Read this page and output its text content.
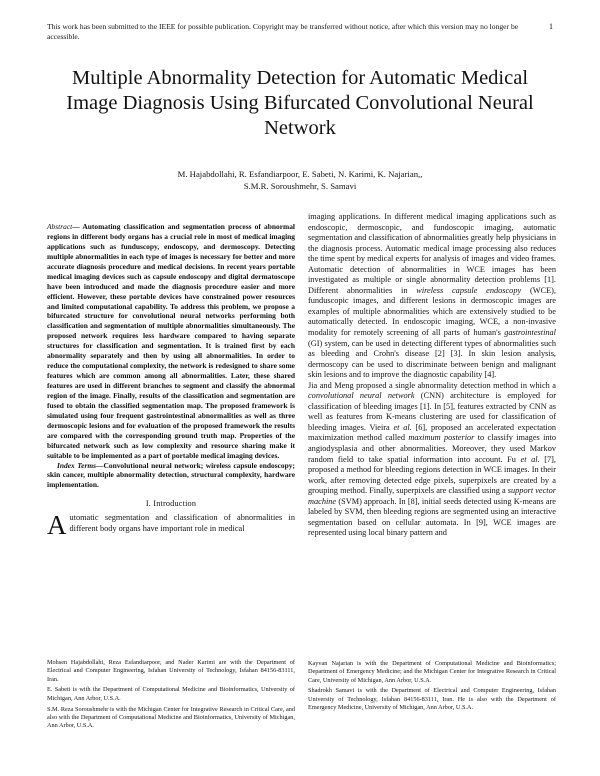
This work has been submitted to the IEEE for possible publication. Copyright may be transferred without notice, after which this version may no longer be accessible.
1
Multiple Abnormality Detection for Automatic Medical Image Diagnosis Using Bifurcated Convolutional Neural Network
M. Hajabdollahi, R. Esfandiarpoor, E. Sabeti, N. Karimi, K. Najarian,,
S.M.R. Soroushmehr, S. Samavi

Abstract— Automating classification and segmentation process of abnormal regions in different body organs has a crucial role in most of medical imaging applications such as funduscopy, endoscopy, and dermoscopy. Detecting multiple abnormalities in each type of images is necessary for better and more accurate diagnosis procedure and medical decisions. In recent years portable medical imaging devices such as capsule endoscopy and digital dermatoscope have been introduced and made the diagnosis procedure easier and more efficient. However, these portable devices have constrained power resources and limited computational capability. To address this problem, we propose a bifurcated structure for convolutional neural networks performing both classification and segmentation of multiple abnormalities simultaneously. The proposed network requires less hardware compared to having separate structures for classification and segmentation. It is trained first by each abnormality separately and then by using all abnormalities. In order to reduce the computational complexity, the network is redesigned to share some features which are common among all abnormalities. Later, these shared features are used in different branches to segment and classify the abnormal region of the image. Finally, results of the classification and segmentation are fused to obtain the classified segmentation map. The proposed framework is simulated using four frequent gastrointestinal abnormalities as well as three dermoscopic lesions and for evaluation of the proposed framework the results are compared with the corresponding ground truth map. Properties of the bifurcated network such as low complexity and resource sharing make it suitable to be implemented as a part of portable medical imaging devices.

Index Terms—Convolutional neural network; wireless capsule endoscopy; skin cancer, multiple abnormality detection, structural complexity, hardware implementation.

I. Introduction

Automatic segmentation and classification of abnormalities in different body organs have important role in medical

imaging applications. In different medical imaging applications such as endoscopic, dermoscopic, and fundoscopic imaging, automatic segmentation and classification of abnormalities greatly help physicians in the diagnosis process. Automatic medical image processing also reduces the time spent by medical experts for analysis of images and video frames. Automatic detection of abnormalities in WCE images has been investigated as multiple or single abnormality detection problems [1]. Different abnormalities in wireless capsule endoscopy (WCE), funduscopic images, and different lesions in dermoscopic images are examples of multiple abnormalities which are extensively studied to be automatically detected. In endoscopic imaging, WCE, a non-invasive modality for remotely screening of all parts of human's gastrointestinal (GI) system, can be used in detecting different types of abnormalities such as bleeding and Crohn's disease [2] [3]. In skin lesion analysis, dermoscopy can be used to discriminate between benign and malignant skin lesions and to improve the diagnostic capability [4].

Jia and Meng proposed a single abnormality detection method in which a convolutional neural network (CNN) architecture is employed for classification of bleeding images [1]. In [5], features extracted by CNN as well as features from K-means clustering are used for classification of bleeding images. Vieira et al. [6], proposed an accelerated expectation maximization method called maximum posterior to classify images into angiodysplasia and other abnormalities. Moreover, they used Markov random field to take spatial information into account. Fu et al. [7], proposed a method for bleeding regions detection in WCE images. In their work, after removing detected edge pixels, superpixels are created by a grouping method. Finally, superpixels are classified using a support vector machine (SVM) approach. In [8], initial seeds detected using K-means are labeled by SVM, then bleeding regions are segmented using an interactive segmentation based on cellular automata. In [9], WCE images are represented using local binary pattern and

Mohsen Hajabdollahi, Reza Esfandiarpoor, and Nader Karimi are with the Department of Electrical and Computer Engineering, Isfahan University of Technology, Isfahan 84156-83111, Iran.

E. Sabeti is with the Department of Computational Medicine and Bioinformatics, University of Michigan, Ann Arbor, U.S.A.

S.M. Reza Soroushmehr is with the Michigan Center for Integrative Research in Critical Care, and also with the Department of Computational Medicine and Bioinformatics, University of Michigan, Ann Arbor, U.S.A.

Kayvan Najarian is with the Department of Computational Medicine and Bioinformatics; Department of Emergency Medicine; and the Michigan Center for Integrative Research in Critical Care, University of Michigan, Ann Arbor, U.S.A.

Shadrokh Samavi is with the Department of Electrical and Computer Engineering, Isfahan University of Technology, Isfahan 84156-83111, Iran. He is also with the Department of Emergency Medicine, University of Michigan, Ann Arbor, U.S.A.
